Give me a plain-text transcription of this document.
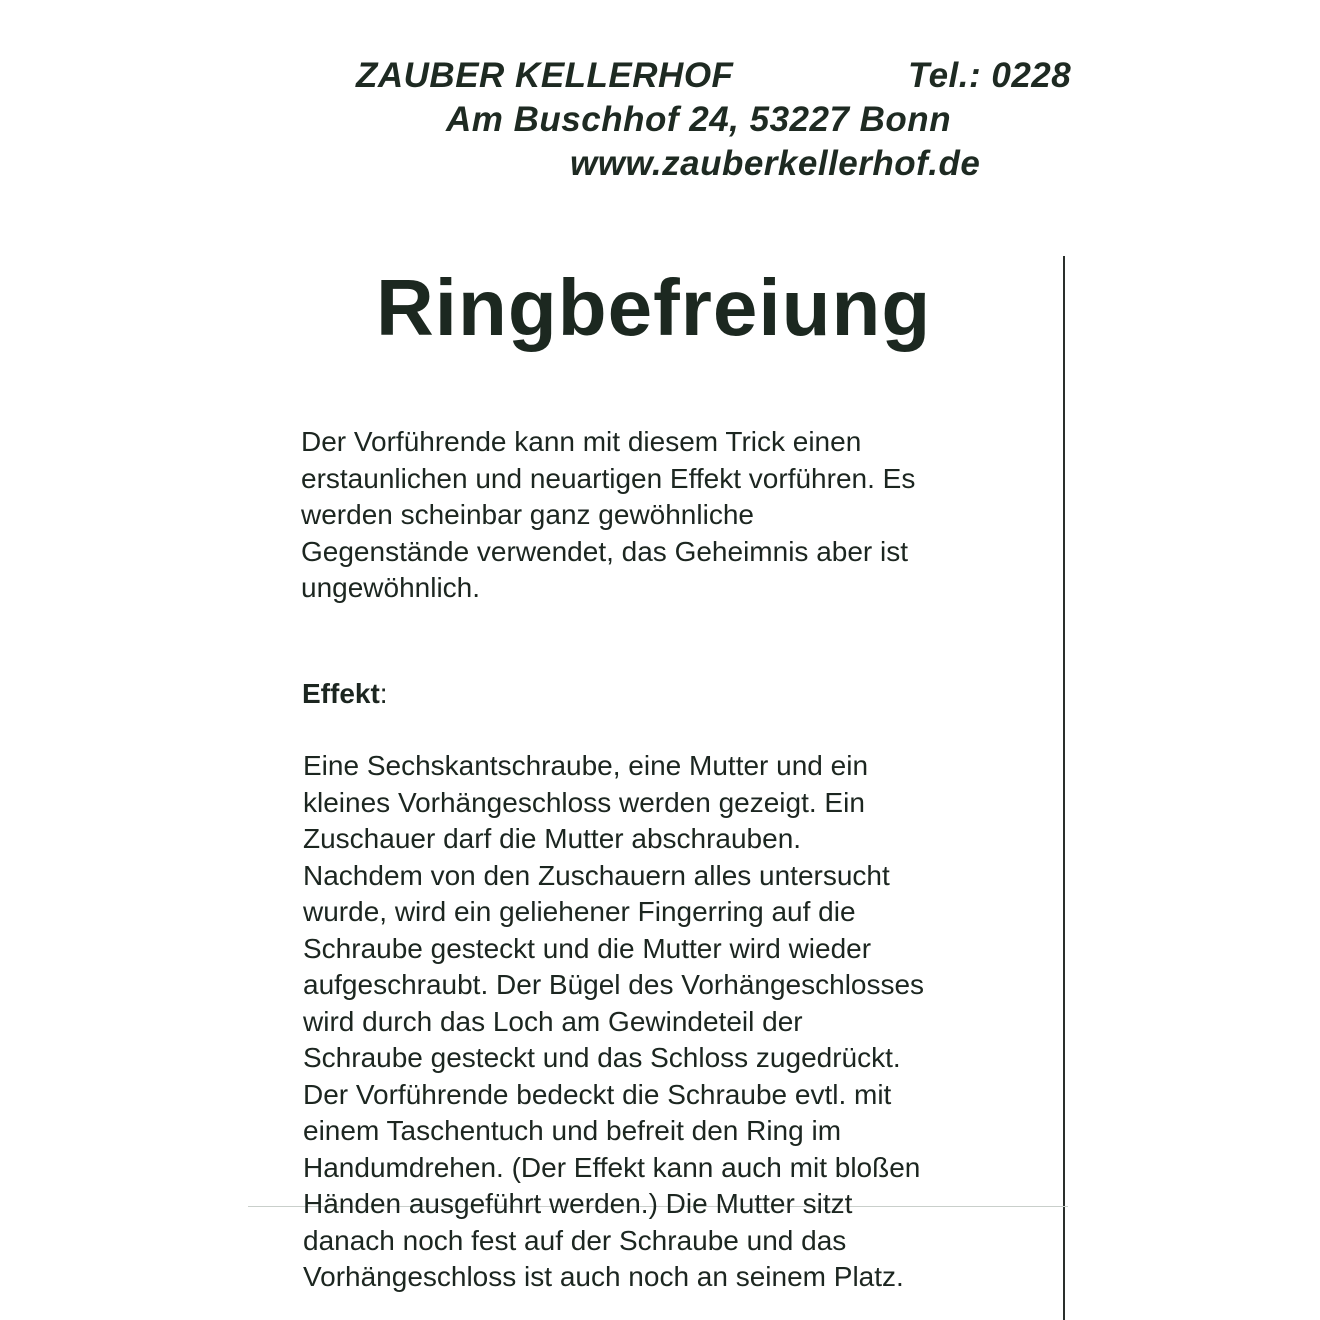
ZAUBER KELLERHOF	Tel.: 0228
Am Buschhof 24, 53227 Bonn
www.zauberkellerhof.de
Ringbefreiung

Der Vorführende kann mit diesem Trick einen
erstaunlichen und neuartigen Effekt vorführen. Es
werden scheinbar ganz gewöhnliche
Gegenstände verwendet, das Geheimnis aber ist
ungewöhnlich.

Effekt:

Eine Sechskantschraube, eine Mutter und ein
kleines Vorhängeschloss werden gezeigt. Ein
Zuschauer darf die Mutter abschrauben.
Nachdem von den Zuschauern alles untersucht
wurde, wird ein geliehener Fingerring auf die
Schraube gesteckt und die Mutter wird wieder
aufgeschraubt. Der Bügel des Vorhängeschlosses
wird durch das Loch am Gewindeteil der
Schraube gesteckt und das Schloss zugedrückt.
Der Vorführende bedeckt die Schraube evtl. mit
einem Taschentuch und befreit den Ring im
Handumdrehen. (Der Effekt kann auch mit bloßen
Händen ausgeführt werden.) Die Mutter sitzt
danach noch fest auf der Schraube und das
Vorhängeschloss ist auch noch an seinem Platz.
